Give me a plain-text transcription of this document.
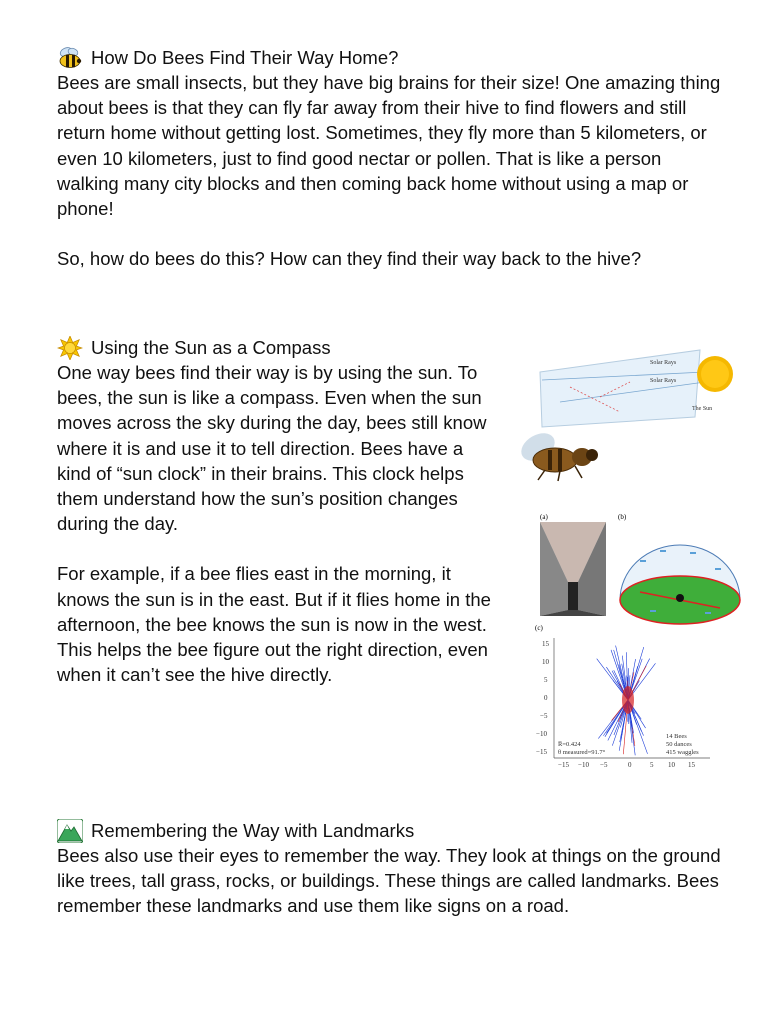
How Do Bees Find Their Way Home?

Bees are small insects, but they have big brains for their size! One amazing thing about bees is that they can fly far away from their hive to find flowers and still return home without getting lost. Sometimes, they fly more than 5 kilometers, or even 10 kilometers, just to find good nectar or pollen. That is like a person walking many city blocks and then coming back home without using a map or phone!

So, how do bees do this? How can they find their way back to the hive?

Using the Sun as a Compass

One way bees find their way is by using the sun. To bees, the sun is like a compass. Even when the sun moves across the sky during the day, bees still know where it is and use it to tell direction. Bees have a kind of “sun clock” in their brains. This clock helps them understand how the sun’s position changes during the day.

For example, if a bee flies east in the morning, it knows the sun is in the east. But if it flies home in the afternoon, the bee knows the sun is now in the west. This helps the bee figure out the right direction, even when it can’t see the hive directly.

Solar Rays
Solar Rays
The Sun
(a)	(b)
(c)
15
10
5
0
−5
−10
−15
−15 −10 −5	0	5 10 15
R̅=0.424
θ measured=91.7°
14 Bees
50 dances
415 waggles
Remembering the Way with Landmarks

Bees also use their eyes to remember the way. They look at things on the ground like trees, tall grass, rocks, or buildings. These things are called landmarks. Bees remember these landmarks and use them like signs on a road.
